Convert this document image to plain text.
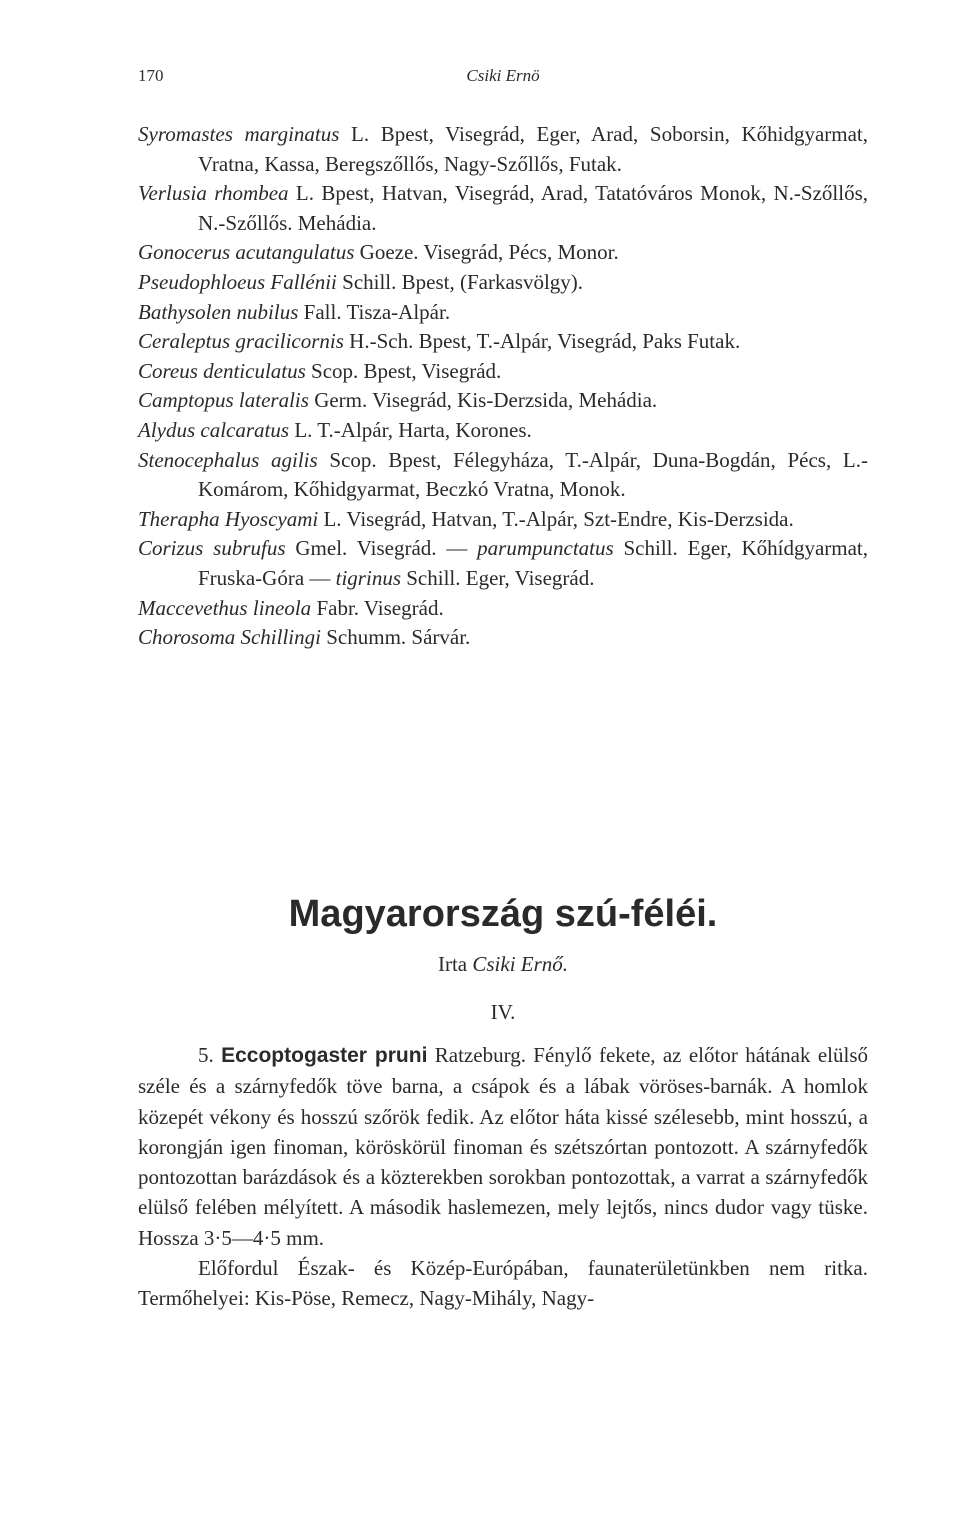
170	Csiki Ernö

Syromastes marginatus L. Bpest, Visegrád, Eger, Arad, Soborsin, Kőhidgyarmat, Vratna, Kassa, Beregszőllős, Nagy-Szőllős, Futak.

Verlusia rhombea L. Bpest, Hatvan, Visegrád, Arad, Tatatóváros Monok, N.-Szőllős, N.-Szőllős. Mehádia.

Gonocerus acutangulatus Goeze. Visegrád, Pécs, Monor.

Pseudophloeus Fallénii Schill. Bpest, (Farkasvölgy).

Bathysolen nubilus Fall. Tisza-Alpár.

Ceraleptus gracilicornis H.-Sch. Bpest, T.-Alpár, Visegrád, Paks Futak.

Coreus denticulatus Scop. Bpest, Visegrád.

Camptopus lateralis Germ. Visegrád, Kis-Derzsida, Mehádia.

Alydus calcaratus L. T.-Alpár, Harta, Korones.

Stenocephalus agilis Scop. Bpest, Félegyháza, T.-Alpár, Duna-Bogdán, Pécs, L.-Komárom, Kőhidgyarmat, Beczkó Vratna, Monok.

Therapha Hyoscyami L. Visegrád, Hatvan, T.-Alpár, Szt-Endre, Kis-Derzsida.

Corizus subrufus Gmel. Visegrád. — parumpunctatus Schill. Eger, Kőhídgyarmat, Fruska-Góra — tigrinus Schill. Eger, Visegrád.

Maccevethus lineola Fabr. Visegrád.

Chorosoma Schillingi Schumm. Sárvár.

Magyarország szú-féléi.

Irta Csiki Ernő.

IV.

5. Eccoptogaster pruni Ratzeburg. Fénylő fekete, az előtor hátának elülső széle és a szárnyfedők töve barna, a csápok és a lábak vöröses-barnák. A homlok közepét vékony és hosszú szőrök fedik. Az előtor háta kissé szélesebb, mint hosszú, a korongján igen finoman, köröskörül finoman és szétszórtan pontozott. A szárnyfedők pontozottan barázdások és a közterekben sorokban pontozottak, a varrat a szárnyfedők elülső felében mélyített. A második haslemezen, mely lejtős, nincs dudor vagy tüske. Hossza 3·5—4·5 mm.

Előfordul Észak- és Közép-Európában, faunaterületünkben nem ritka. Termőhelyei: Kis-Pöse, Remecz, Nagy-Mihály, Nagy-
